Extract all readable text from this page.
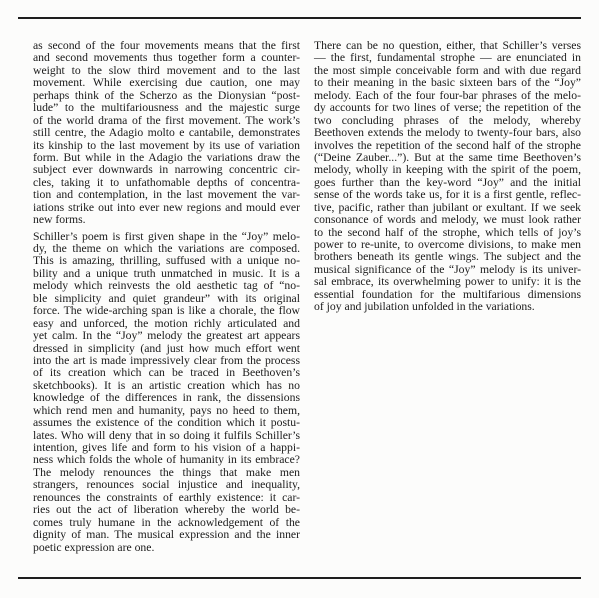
as second of the four movements means that the first
and second movements thus together form a counter-
weight to the slow third movement and to the last
movement. While exercising due caution, one may
perhaps think of the Scherzo as the Dionysian “post-
lude” to the multifariousness and the majestic surge
of the world drama of the first movement. The work’s
still centre, the Adagio molto e cantabile, demonstrates
its kinship to the last movement by its use of variation
form. But while in the Adagio the variations draw the
subject ever downwards in narrowing concentric cir-
cles, taking it to unfathomable depths of concentra-
tion and contemplation, in the last movement the var-
iations strike out into ever new regions and mould ever
new forms.
Schiller’s poem is first given shape in the “Joy” melo-
dy, the theme on which the variations are composed.
This is amazing, thrilling, suffused with a unique no-
bility and a unique truth unmatched in music. It is a
melody which reinvests the old aesthetic tag of “no-
ble simplicity and quiet grandeur” with its original
force. The wide-arching span is like a chorale, the flow
easy and unforced, the motion richly articulated and
yet calm. In the “Joy” melody the greatest art appears
dressed in simplicity (and just how much effort went
into the art is made impressively clear from the process
of its creation which can be traced in Beethoven’s
sketchbooks). It is an artistic creation which has no
knowledge of the differences in rank, the dissensions
which rend men and humanity, pays no heed to them,
assumes the existence of the condition which it postu-
lates. Who will deny that in so doing it fulfils Schiller’s
intention, gives life and form to his vision of a happi-
ness which folds the whole of humanity in its embrace?
The melody renounces the things that make men
strangers, renounces social injustice and inequality,
renounces the constraints of earthly existence: it car-
ries out the act of liberation whereby the world be-
comes truly humane in the acknowledgement of the
dignity of man. The musical expression and the inner
poetic expression are one.
There can be no question, either, that Schiller’s verses
— the first, fundamental strophe — are enunciated in
the most simple conceivable form and with due regard
to their meaning in the basic sixteen bars of the “Joy”
melody. Each of the four four-bar phrases of the melo-
dy accounts for two lines of verse; the repetition of the
two concluding phrases of the melody, whereby
Beethoven extends the melody to twenty-four bars, also
involves the repetition of the second half of the strophe
(“Deine Zauber...”). But at the same time Beethoven’s
melody, wholly in keeping with the spirit of the poem,
goes further than the key-word “Joy” and the initial
sense of the words take us, for it is a first gentle, reflec-
tive, pacific, rather than jubilant or exultant. If we seek
consonance of words and melody, we must look rather
to the second half of the strophe, which tells of joy’s
power to re-unite, to overcome divisions, to make men
brothers beneath its gentle wings. The subject and the
musical significance of the “Joy” melody is its univer-
sal embrace, its overwhelming power to unify: it is the
essential foundation for the multifarious dimensions
of joy and jubilation unfolded in the variations.
